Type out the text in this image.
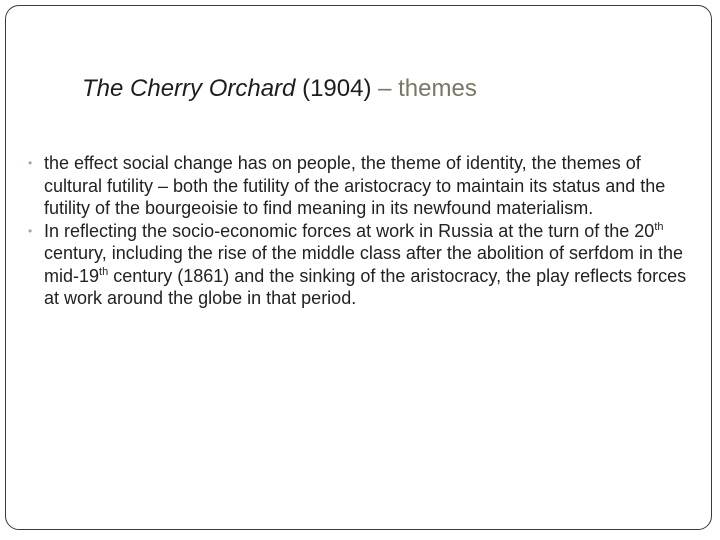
The Cherry Orchard (1904) – themes
• the effect social change has on people, the theme of identity, the themes of cultural futility – both the futility of the aristocracy to maintain its status and the futility of the bourgeoisie to find meaning in its newfound materialism.
• In reflecting the socio-economic forces at work in Russia at the turn of the 20th century, including the rise of the middle class after the abolition of serfdom in the mid-19th century (1861) and the sinking of the aristocracy, the play reflects forces at work around the globe in that period.
